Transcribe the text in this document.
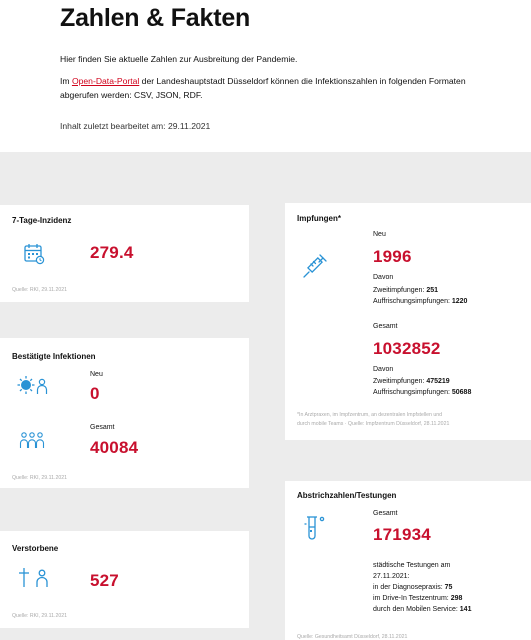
Zahlen & Fakten

Hier finden Sie aktuelle Zahlen zur Ausbreitung der Pandemie.

Im Open-Data-Portal der Landeshauptstadt Düsseldorf können die Infektionszahlen in folgenden Formaten abgerufen werden: CSV, JSON, RDF.

Inhalt zuletzt bearbeitet am: 29.11.2021

7-Tage-Inzidenz
279.4
Quelle: RKI, 29.11.2021
Bestätigte Infektionen
Neu
0
Gesamt
40084
Quelle: RKI, 29.11.2021
Verstorbene
527
Quelle: RKI, 29.11.2021
Impfungen*
Neu
1996
Davon
Zweitimpfungen: 251
Auffrischungsimpfungen: 1220
Gesamt
1032852
Davon
Zweitimpfungen: 475219
Auffrischungsimpfungen: 50688
*In Arztpraxen, im Impfzentrum, an dezentralen Impfstellen und
durch mobile Teams · Quelle: Impfzentrum Düsseldorf, 28.11.2021
Abstrichzahlen/Testungen
Gesamt
171934
städtische Testungen am
27.11.2021:
in der Diagnosepraxis: 75
im Drive-In Testzentrum: 298
durch den Mobilen Service: 141
Quelle: Gesundheitsamt Düsseldorf, 28.11.2021
